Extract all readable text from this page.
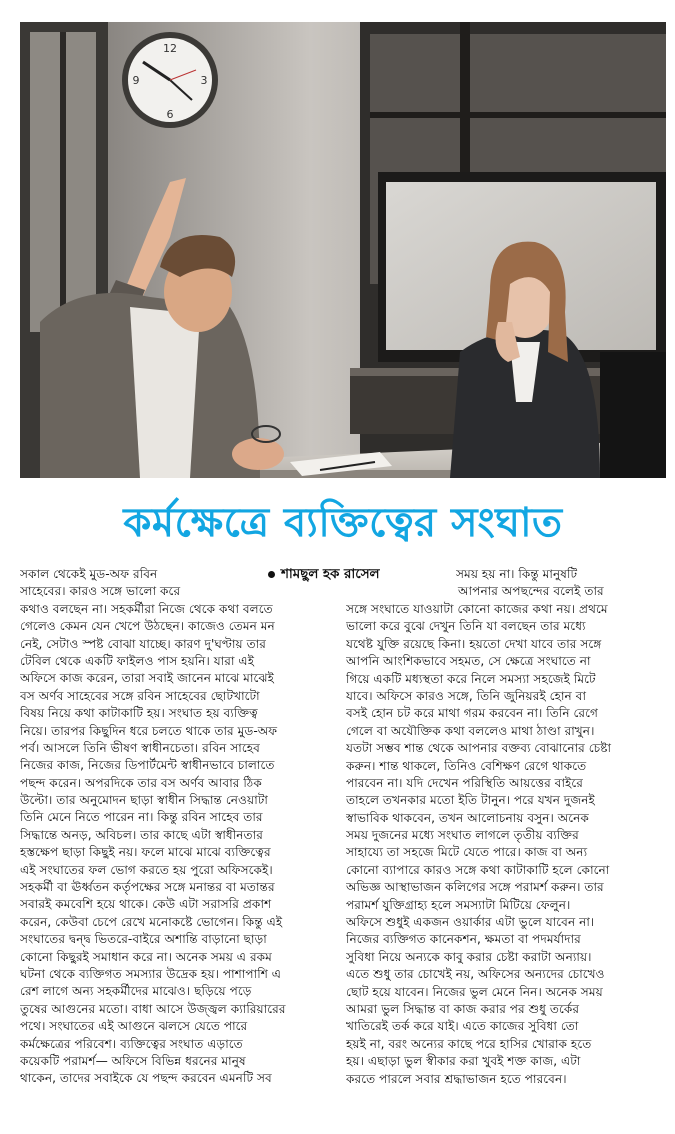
12
3
6
9
কর্মক্ষেত্রে ব্যক্তিত্বের সংঘাত
শামছুল হক রাসেল	সময় হয় না। কিন্তু মানুষটি
আপনার অপছন্দের বলেই তার
সকাল থেকেই মুড-অফ রবিন
সাহেবের। কারও সঙ্গে ভালো করে
কথাও বলছেন না। সহকর্মীরা নিজে থেকে কথা বলতে
গেলেও কেমন যেন খেপে উঠছেন। কাজেও তেমন মন
নেই, সেটাও স্পষ্ট বোঝা যাচ্ছে। কারণ দু'ঘণ্টায় তার
টেবিল থেকে একটি ফাইলও পাস হয়নি। যারা এই
অফিসে কাজ করেন, তারা সবাই জানেন মাঝে মাঝেই
বস অর্ণব সাহেবের সঙ্গে রবিন সাহেবের ছোটখাটো
বিষয় নিয়ে কথা কাটাকাটি হয়। সংঘাত হয় ব্যক্তিত্ব
নিয়ে। তারপর কিছুদিন ধরে চলতে থাকে তার মুড-অফ
পর্ব। আসলে তিনি ভীষণ স্বাধীনচেতা। রবিন সাহেব
নিজের কাজ, নিজের ডিপার্টমেন্ট স্বাধীনভাবে চালাতে
পছন্দ করেন। অপরদিকে তার বস অর্ণব আবার ঠিক
উল্টো। তার অনুমোদন ছাড়া স্বাধীন সিদ্ধান্ত নেওয়াটা
তিনি মেনে নিতে পারেন না। কিন্তু রবিন সাহেব তার
সিদ্ধান্তে অনড়, অবিচল। তার কাছে এটা স্বাধীনতার
হস্তক্ষেপ ছাড়া কিছুই নয়। ফলে মাঝে মাঝে ব্যক্তিত্বের
এই সংঘাতের ফল ভোগ করতে হয় পুরো অফিসকেই।
সহকর্মী বা ঊর্ধ্বতন কর্তৃপক্ষের সঙ্গে মনান্তর বা মতান্তর
সবারই কমবেশি হয়ে থাকে। কেউ এটা সরাসরি প্রকাশ
করেন, কেউবা চেপে রেখে মনোকষ্টে ভোগেন। কিন্তু এই
সংঘাতের দ্বন্দ্ব ভিতরে-বাইরে অশান্তি বাড়ানো ছাড়া
কোনো কিছুরই সমাধান করে না। অনেক সময় এ রকম
ঘটনা থেকে ব্যক্তিগত সমস্যার উদ্রেক হয়। পাশাপাশি এ
রেশ লাগে অন্য সহকর্মীদের মাঝেও। ছড়িয়ে পড়ে
তুষের আগুনের মতো। বাধা আসে উজ্জ্বল ক্যারিয়ারের
পথে। সংঘাতের এই আগুনে ঝলসে যেতে পারে
কর্মক্ষেত্রের পরিবেশ। ব্যক্তিত্বের সংঘাত এড়াতে
কয়েকটি পরামর্শ— অফিসে বিভিন্ন ধরনের মানুষ
থাকেন, তাদের সবাইকে যে পছন্দ করবেন এমনটি সব
সঙ্গে সংঘাতে যাওয়াটা কোনো কাজের কথা নয়। প্রথমে
ভালো করে বুঝে দেখুন তিনি যা বলছেন তার মধ্যে
যথেষ্ট যুক্তি রয়েছে কিনা। হয়তো দেখা যাবে তার সঙ্গে
আপনি আংশিকভাবে সহমত, সে ক্ষেত্রে সংঘাতে না
গিয়ে একটি মধ্যস্থতা করে নিলে সমস্যা সহজেই মিটে
যাবে। অফিসে কারও সঙ্গে, তিনি জুনিয়রই হোন বা
বসই হোন চট করে মাথা গরম করবেন না। তিনি রেগে
গেলে বা অযৌক্তিক কথা বললেও মাথা ঠাণ্ডা রাখুন।
যতটা সম্ভব শান্ত থেকে আপনার বক্তব্য বোঝানোর চেষ্টা
করুন। শান্ত থাকলে, তিনিও বেশিক্ষণ রেগে থাকতে
পারবেন না। যদি দেখেন পরিস্থিতি আয়ত্তের বাইরে
তাহলে তখনকার মতো ইতি টানুন। পরে যখন দুজনই
স্বাভাবিক থাকবেন, তখন আলোচনায় বসুন। অনেক
সময় দুজনের মধ্যে সংঘাত লাগলে তৃতীয় ব্যক্তির
সাহায্যে তা সহজে মিটে যেতে পারে। কাজ বা অন্য
কোনো ব্যাপারে কারও সঙ্গে কথা কাটাকাটি হলে কোনো
অভিজ্ঞ আস্থাভাজন কলিগের সঙ্গে পরামর্শ করুন। তার
পরামর্শ যুক্তিগ্রাহ্য হলে সমস্যাটা মিটিয়ে ফেলুন।
অফিসে শুধুই একজন ওয়ার্কার এটা ভুলে যাবেন না।
নিজের ব্যক্তিগত কানেকশন, ক্ষমতা বা পদমর্যাদার
সুবিধা নিয়ে অন্যকে কাবু করার চেষ্টা করাটা অন্যায়।
এতে শুধু তার চোখেই নয়, অফিসের অন্যদের চোখেও
ছোট হয়ে যাবেন। নিজের ভুল মেনে নিন। অনেক সময়
আমরা ভুল সিদ্ধান্ত বা কাজ করার পর শুধু তর্কের
খাতিরেই তর্ক করে যাই। এতে কাজের সুবিধা তো
হয়ই না, বরং অন্যের কাছে পরে হাসির খোরাক হতে
হয়। এছাড়া ভুল স্বীকার করা খুবই শক্ত কাজ, এটা
করতে পারলে সবার শ্রদ্ধাভাজন হতে পারবেন।
